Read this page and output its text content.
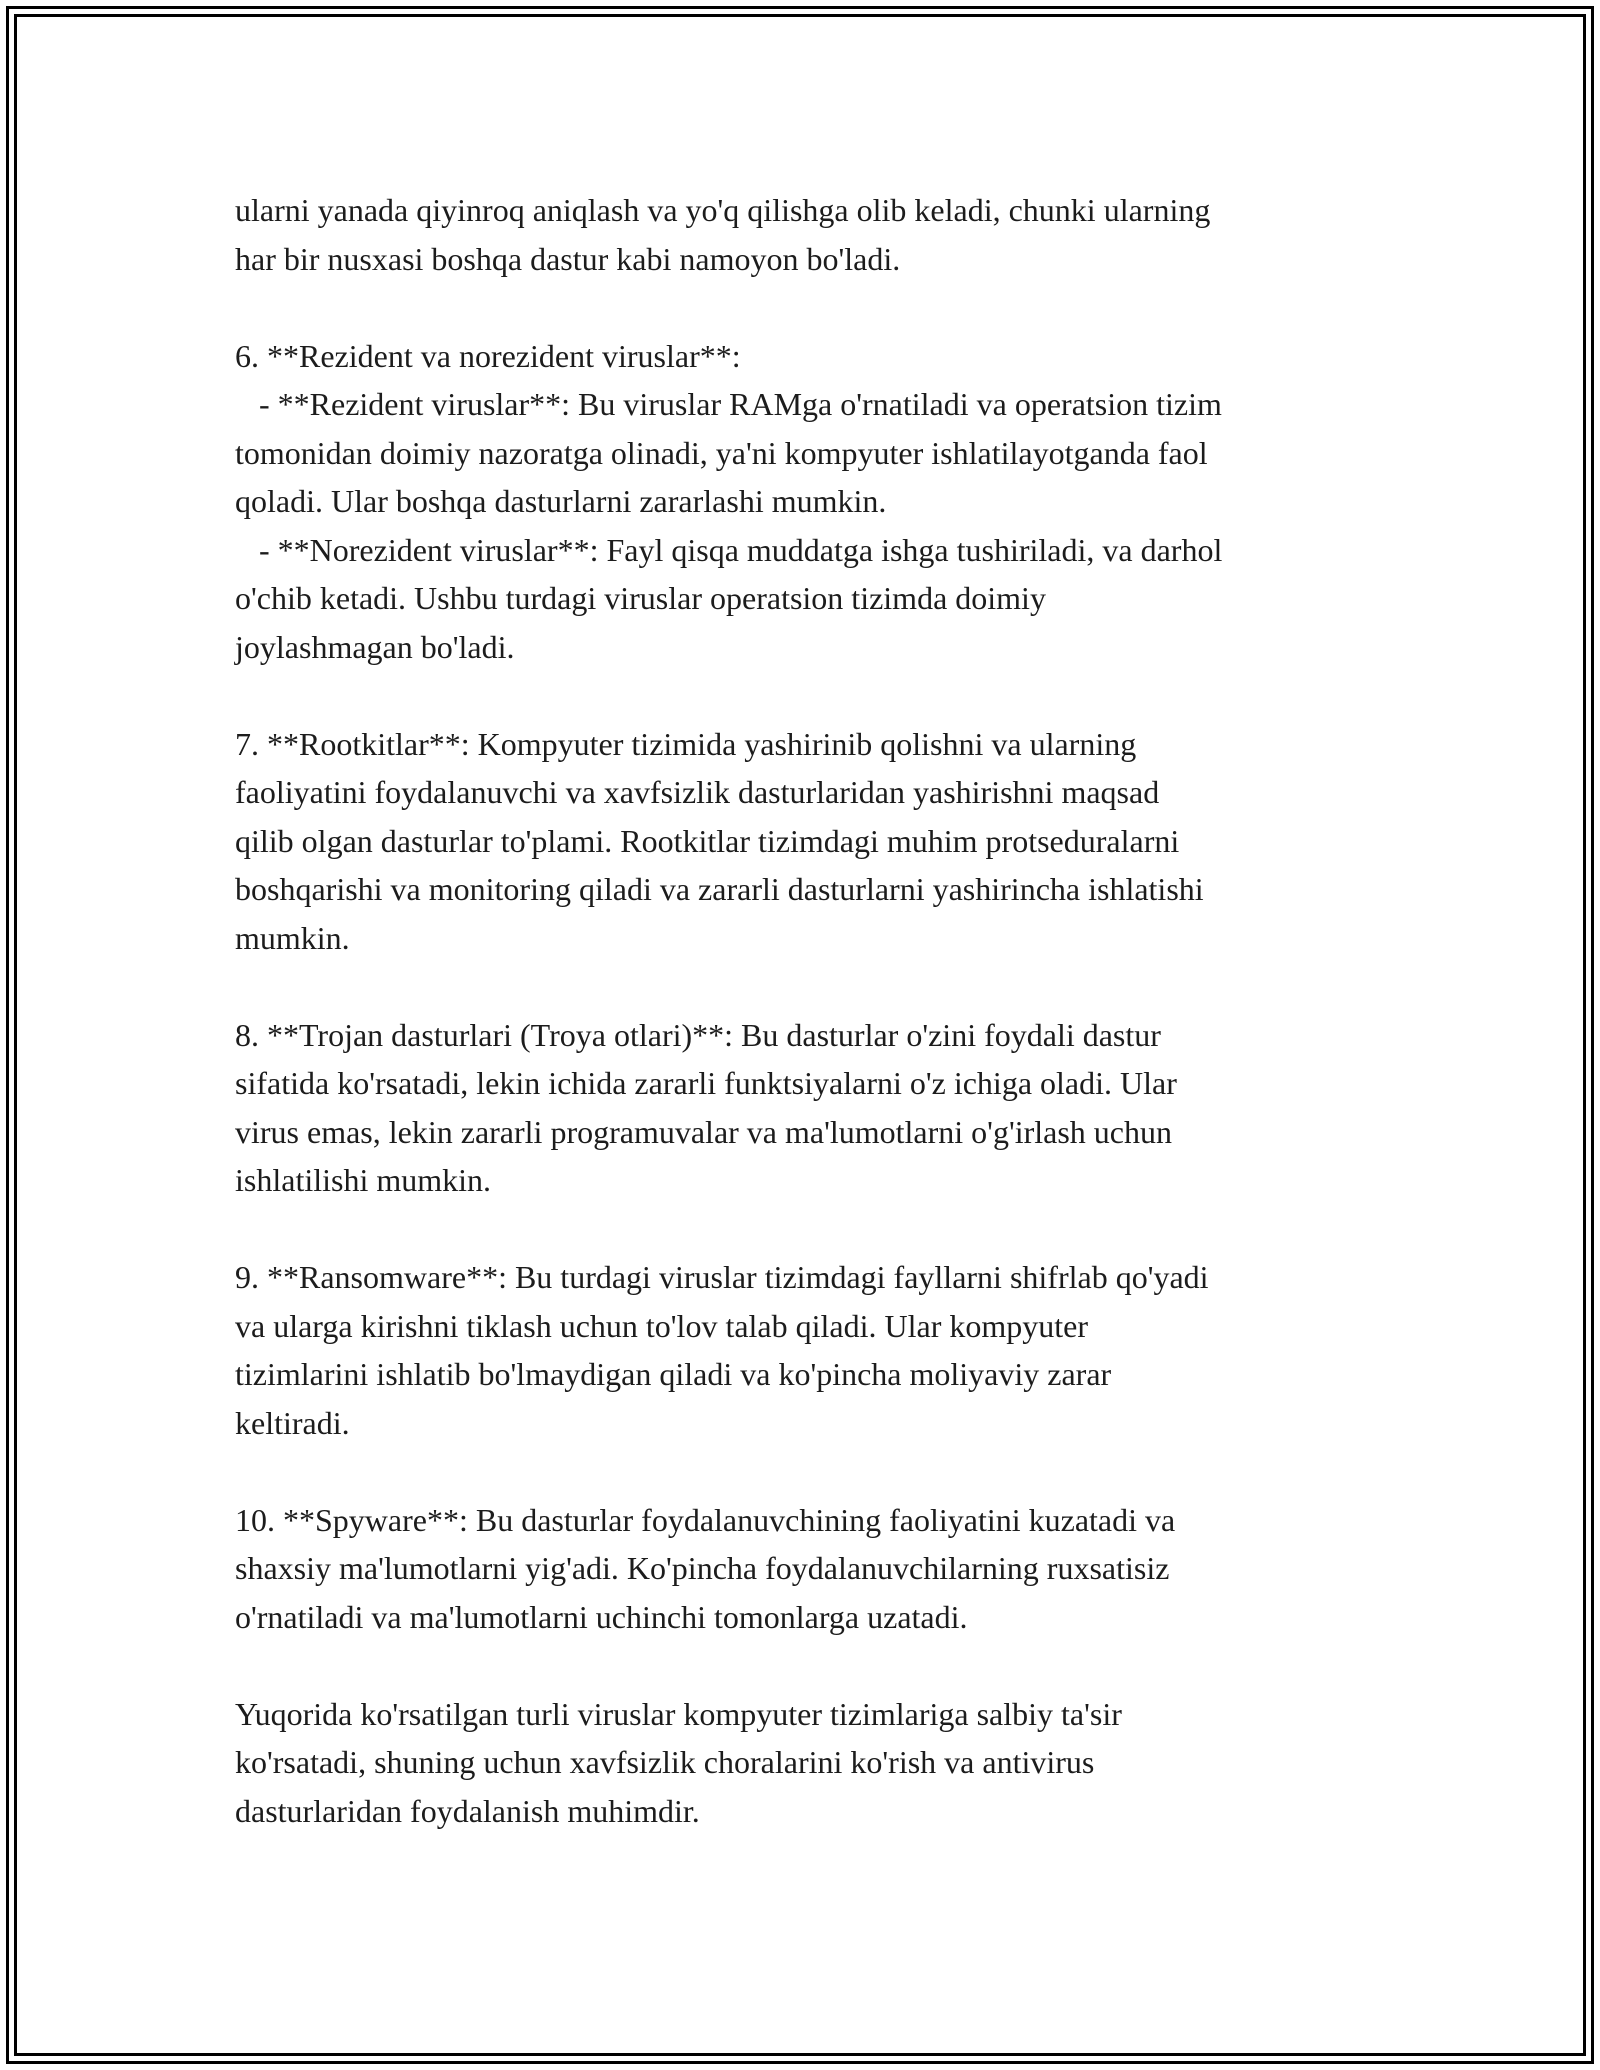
ularni yanada qiyinroq aniqlash va yo'q qilishga olib keladi, chunki ularning
har bir nusxasi boshqa dastur kabi namoyon bo'ladi.
6. **Rezident va norezident viruslar**:
- **Rezident viruslar**: Bu viruslar RAMga o'rnatiladi va operatsion tizim
tomonidan doimiy nazoratga olinadi, ya'ni kompyuter ishlatilayotganda faol
qoladi. Ular boshqa dasturlarni zararlashi mumkin.
- **Norezident viruslar**: Fayl qisqa muddatga ishga tushiriladi, va darhol
o'chib ketadi. Ushbu turdagi viruslar operatsion tizimda doimiy
joylashmagan bo'ladi.
7. **Rootkitlar**: Kompyuter tizimida yashirinib qolishni va ularning
faoliyatini foydalanuvchi va xavfsizlik dasturlaridan yashirishni maqsad
qilib olgan dasturlar to'plami. Rootkitlar tizimdagi muhim protseduralarni
boshqarishi va monitoring qiladi va zararli dasturlarni yashirincha ishlatishi
mumkin.
8. **Trojan dasturlari (Troya otlari)**: Bu dasturlar o'zini foydali dastur
sifatida ko'rsatadi, lekin ichida zararli funktsiyalarni o'z ichiga oladi. Ular
virus emas, lekin zararli programuvalar va ma'lumotlarni o'g'irlash uchun
ishlatilishi mumkin.
9. **Ransomware**: Bu turdagi viruslar tizimdagi fayllarni shifrlab qo'yadi
va ularga kirishni tiklash uchun to'lov talab qiladi. Ular kompyuter
tizimlarini ishlatib bo'lmaydigan qiladi va ko'pincha moliyaviy zarar
keltiradi.
10. **Spyware**: Bu dasturlar foydalanuvchining faoliyatini kuzatadi va
shaxsiy ma'lumotlarni yig'adi. Ko'pincha foydalanuvchilarning ruxsatisiz
o'rnatiladi va ma'lumotlarni uchinchi tomonlarga uzatadi.
Yuqorida ko'rsatilgan turli viruslar kompyuter tizimlariga salbiy ta'sir
ko'rsatadi, shuning uchun xavfsizlik choralarini ko'rish va antivirus
dasturlaridan foydalanish muhimdir.
